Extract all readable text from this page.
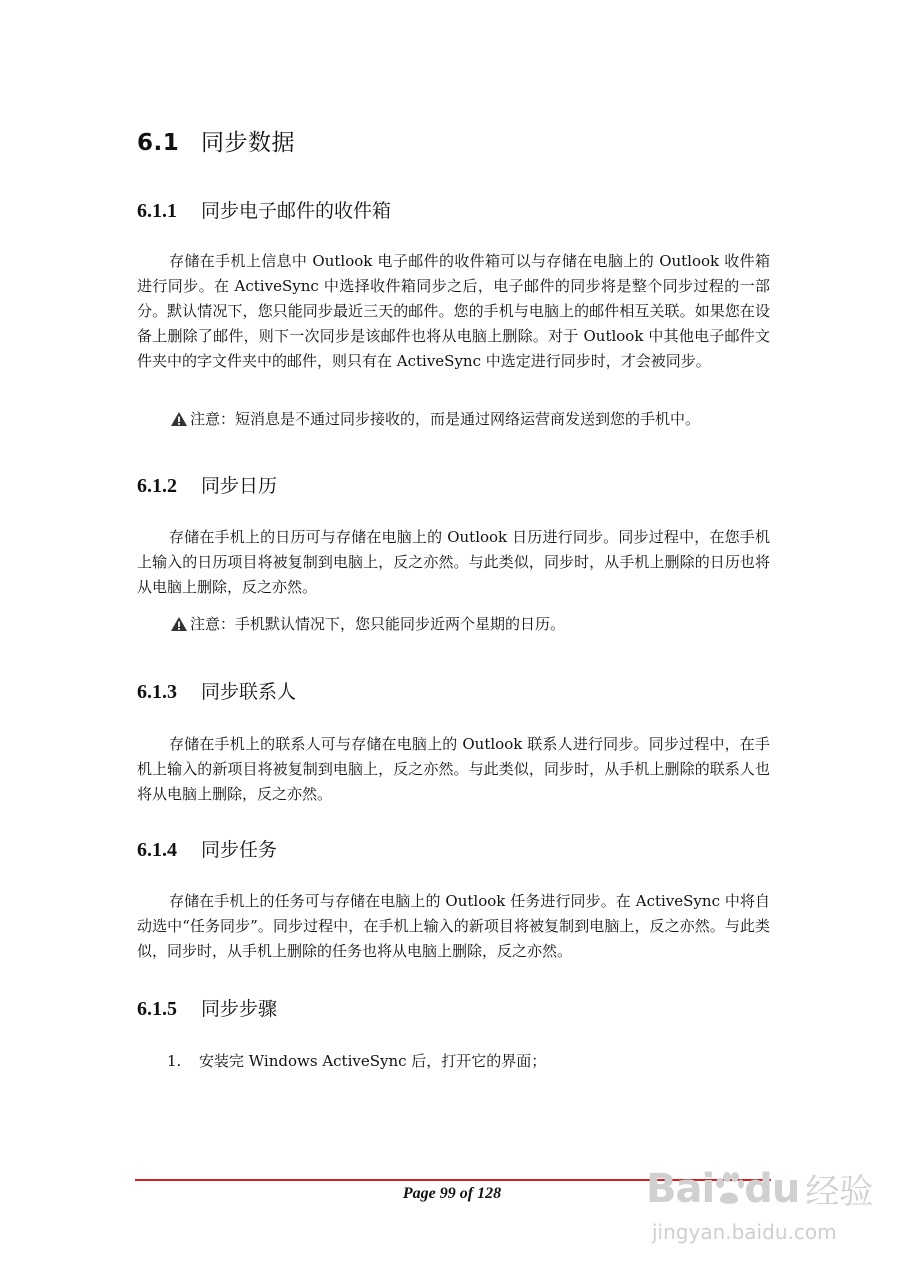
6.1 同步数据
6.1.1 同步电子邮件的收件箱

存储在手机上信息中 Outlook 电子邮件的收件箱可以与存储在电脑上的 Outlook 收件箱进行同步。在 ActiveSync 中选择收件箱同步之后，电子邮件的同步将是整个同步过程的一部分。默认情况下，您只能同步最近三天的邮件。您的手机与电脑上的邮件相互关联。如果您在设备上删除了邮件，则下一次同步是该邮件也将从电脑上删除。对于 Outlook 中其他电子邮件文件夹中的字文件夹中的邮件，则只有在 ActiveSync 中选定进行同步时，才会被同步。

注意：短消息是不通过同步接收的，而是通过网络运营商发送到您的手机中。
6.1.2 同步日历

存储在手机上的日历可与存储在电脑上的 Outlook 日历进行同步。同步过程中，在您手机上输入的日历项目将被复制到电脑上，反之亦然。与此类似，同步时，从手机上删除的日历也将从电脑上删除，反之亦然。

注意：手机默认情况下，您只能同步近两个星期的日历。
6.1.3 同步联系人

存储在手机上的联系人可与存储在电脑上的 Outlook 联系人进行同步。同步过程中，在手机上输入的新项目将被复制到电脑上，反之亦然。与此类似，同步时，从手机上删除的联系人也将从电脑上删除，反之亦然。

6.1.4 同步任务

存储在手机上的任务可与存储在电脑上的 Outlook 任务进行同步。在 ActiveSync 中将自动选中“任务同步”。同步过程中，在手机上输入的新项目将被复制到电脑上，反之亦然。与此类似，同步时，从手机上删除的任务也将从电脑上删除，反之亦然。

6.1.5 同步步骤
1. 安装完 Windows ActiveSync 后，打开它的界面；
Page 99 of 128	Bai du 经验
jingyan.baidu.com
